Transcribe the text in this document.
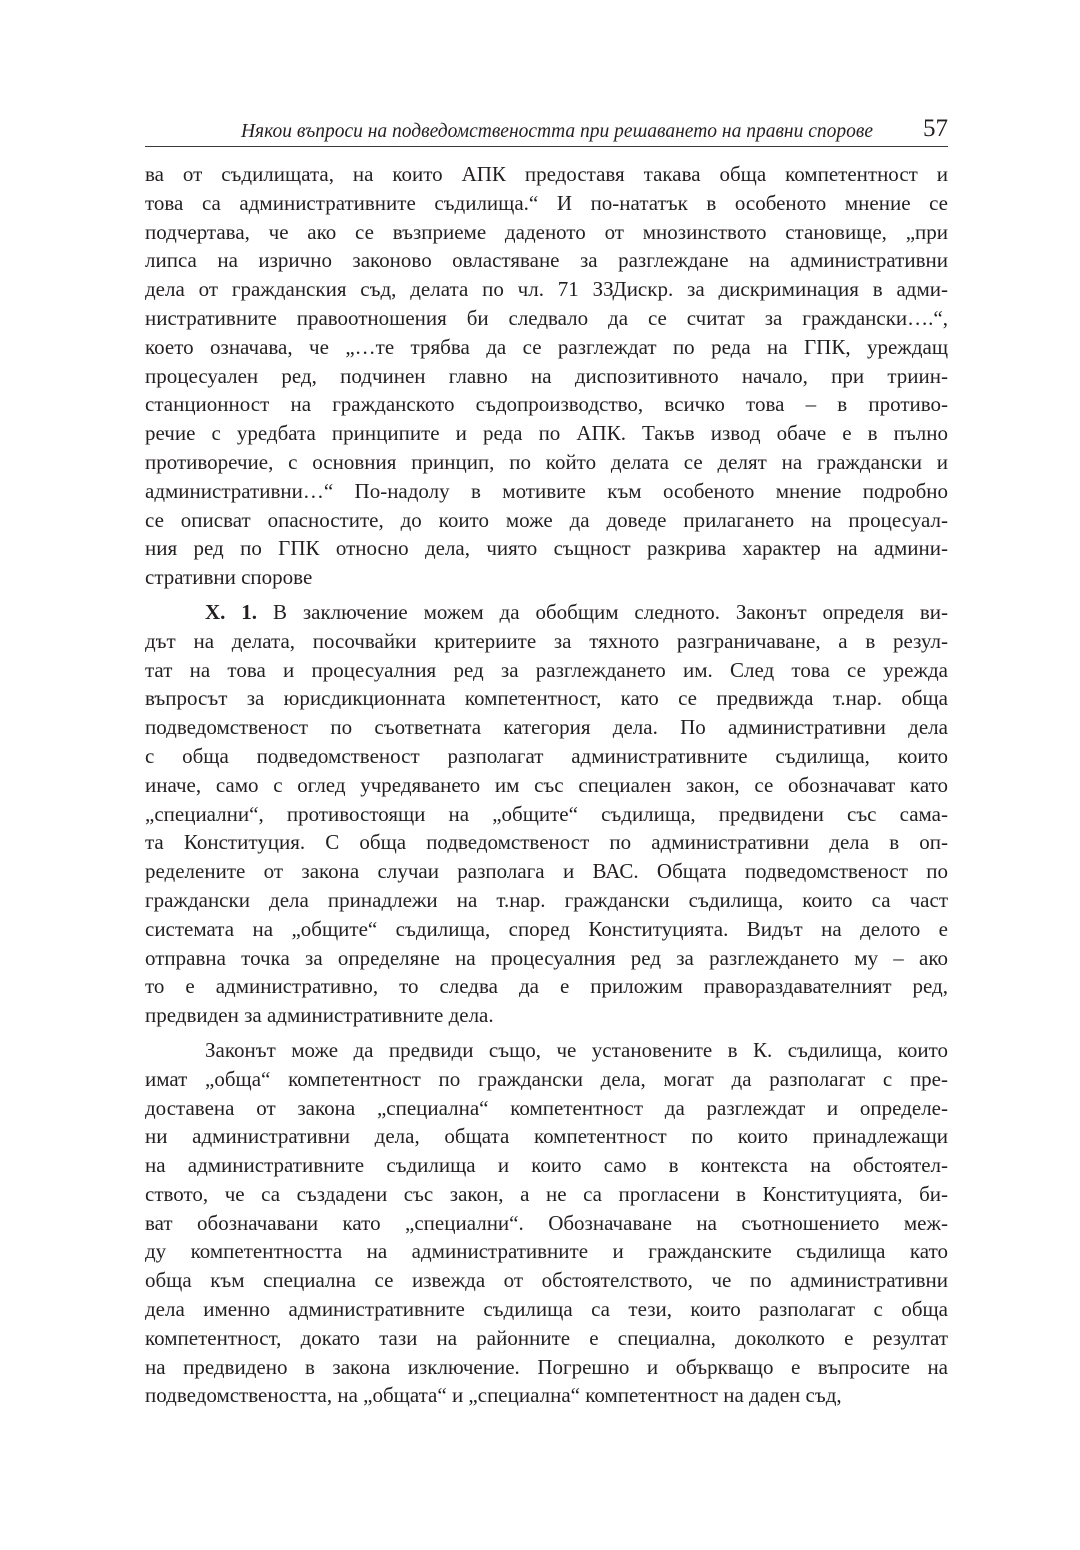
Някои въпроси на подведомствеността при решаването на правни спорове 57
ва от съдилищата, на които АПК предоставя такава обща компетентност и
това са административните съдилища.“ И по-нататък в особеното мнение се
подчертава, че ако се възприеме даденото от мнозинството становище, „при
липса на изрично законово овластяване за разглеждане на административни
дела от гражданския съд, делата по чл. 71 ЗЗДискр. за дискриминация в адми-
нистративните правоотношения би следвало да се считат за граждански….“,
което означава, че „…те трябва да се разглеждат по реда на ГПК, уреждащ
процесуален ред, подчинен главно на диспозитивното начало, при триин-
станционност на гражданското съдопроизводство, всичко това – в противо-
речие с уредбата принципите и реда по АПК. Такъв извод обаче е в пълно
противоречие, с основния принцип, по който делата се делят на граждански и
административни…“ По-надолу в мотивите към особеното мнение подробно
се описват опасностите, до които може да доведе прилагането на процесуал-
ния ред по ГПК относно дела, чиято същност разкрива характер на админи-
стративни спорове
X. 1. В заключение можем да обобщим следното. Законът определя ви-
дът на делата, посочвайки критериите за тяхното разграничаване, а в резул-
тат на това и процесуалния ред за разглеждането им. След това се урежда
въпросът за юрисдикционната компетентност, като се предвижда т.нар. обща
подведомственост по съответната категория дела. По административни дела
с обща подведомственост разполагат административните съдилища, които
иначе, само с оглед учредяването им със специален закон, се обозначават като
„специални“, противостоящи на „общите“ съдилища, предвидени със сама-
та Конституция. С обща подведомственост по административни дела в оп-
ределените от закона случаи разполага и ВАС. Общата подведомственост по
граждански дела принадлежи на т.нар. граждански съдилища, които са част
системата на „общите“ съдилища, според Конституцията. Видът на делото е
отправна точка за определяне на процесуалния ред за разглеждането му – ако
то е административно, то следва да е приложим правораздавателният ред,
предвиден за административните дела.
Законът може да предвиди също, че установените в К. съдилища, които
имат „обща“ компетентност по граждански дела, могат да разполагат с пре-
доставена от закона „специална“ компетентност да разглеждат и определе-
ни административни дела, общата компетентност по които принадлежащи
на административните съдилища и които само в контекста на обстоятел-
ството, че са създадени със закон, а не са прогласени в Конституцията, би-
ват обозначавани като „специални“. Обозначаване на съотношението меж-
ду компетентността на административните и гражданските съдилища като
обща към специална се извежда от обстоятелството, че по административни
дела именно административните съдилища са тези, които разполагат с обща
компетентност, докато тази на районните е специална, доколкото е резултат
на предвидено в закона изключение. Погрешно и объркващо е въпросите на
подведомствеността, на „общата“ и „специална“ компетентност на даден съд,
